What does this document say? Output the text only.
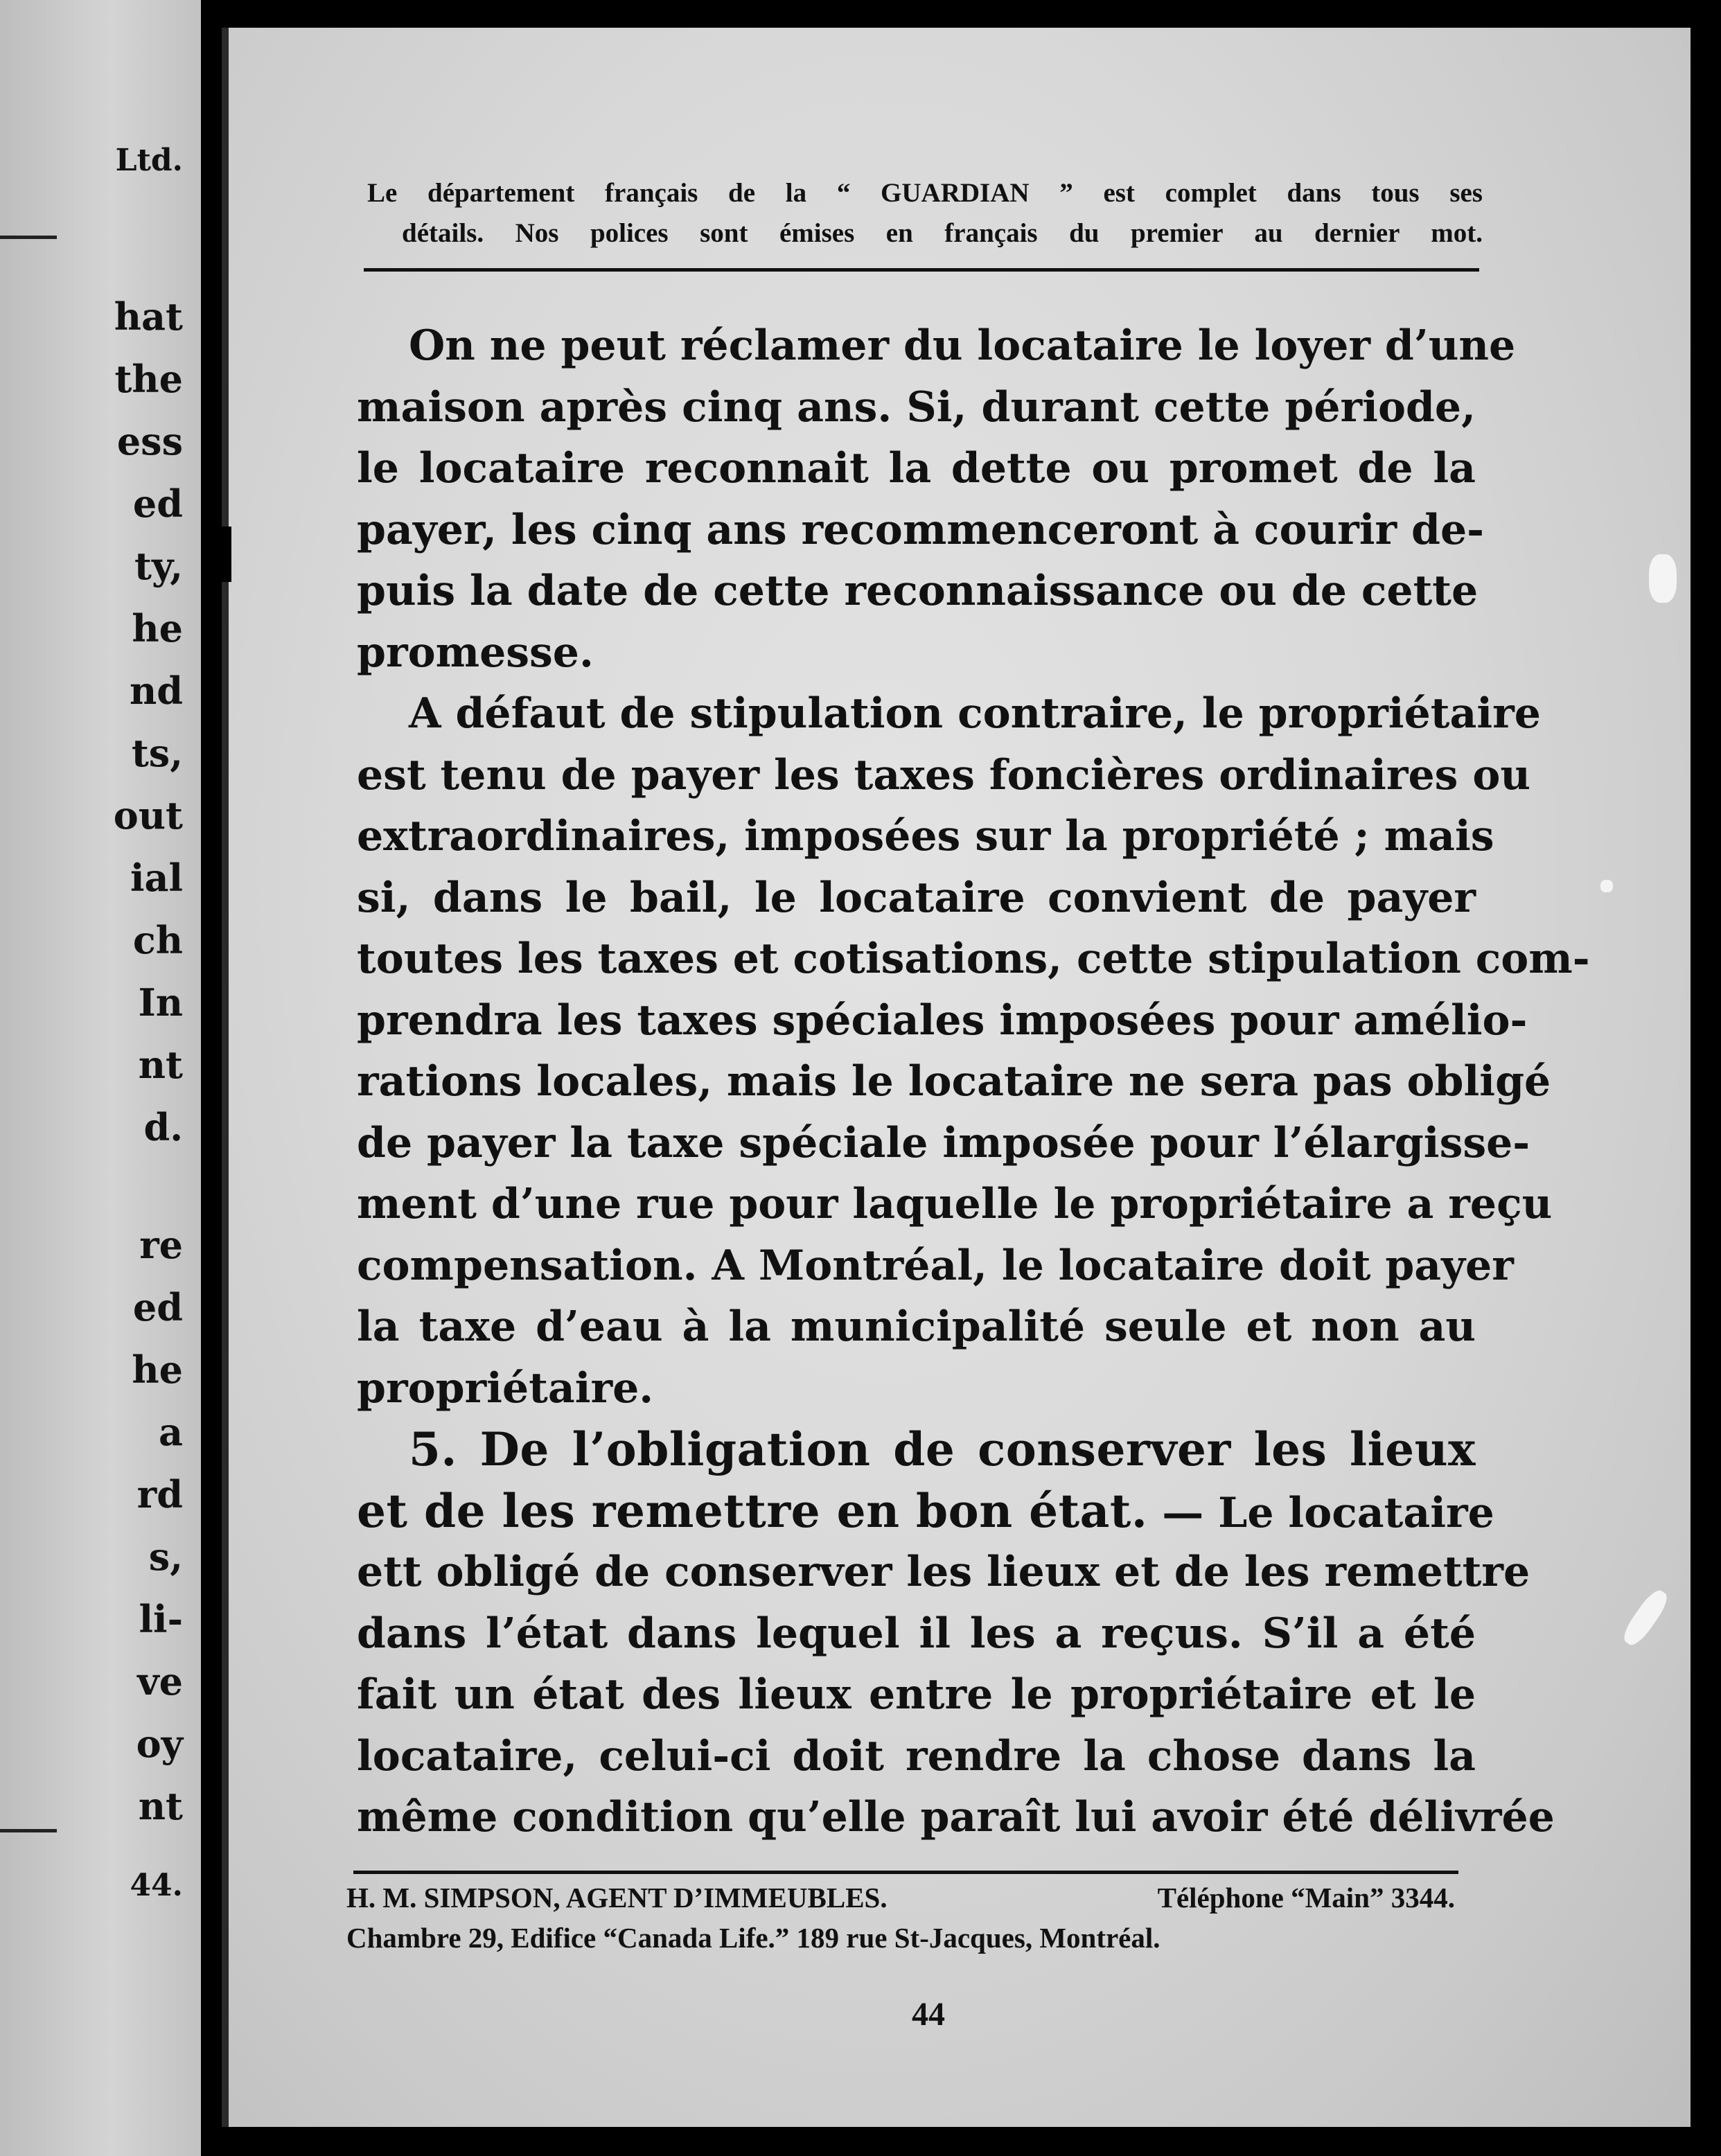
Ltd.
hat
the
ess
ed
ty,
he
nd
ts,
out
ial
ch
In
nt
d.
re
ed
he
a
rd
s,
li-
ve
oy
nt
44.
Le département français de la “ GUARDIAN ” est complet dans tous ses
détails. Nos polices sont émises en français du premier au dernier mot.
On ne peut réclamer du locataire le loyer d’une
maison après cinq ans. Si, durant cette période,
le locataire reconnait la dette ou promet de la
payer, les cinq ans recommenceront à courir de-
puis la date de cette reconnaissance ou de cette
promesse.
A défaut de stipulation contraire, le propriétaire
est tenu de payer les taxes foncières ordinaires ou
extraordinaires, imposées sur la propriété ; mais
si, dans le bail, le locataire convient de payer
toutes les taxes et cotisations, cette stipulation com-
prendra les taxes spéciales imposées pour amélio-
rations locales, mais le locataire ne sera pas obligé
de payer la taxe spéciale imposée pour l’élargisse-
ment d’une rue pour laquelle le propriétaire a reçu
compensation. A Montréal, le locataire doit payer
la taxe d’eau à la municipalité seule et non au
propriétaire.
5. De l’obligation de conserver les lieux
et de les remettre en bon état. — Le locataire
ett obligé de conserver les lieux et de les remettre
dans l’état dans lequel il les a reçus. S’il a été
fait un état des lieux entre le propriétaire et le
locataire, celui-ci doit rendre la chose dans la
même condition qu’elle paraît lui avoir été délivrée
H. M. SIMPSON, AGENT D’IMMEUBLES.	Téléphone “Main” 3344.
Chambre 29, Edifice “Canada Life.” 189 rue St-Jacques, Montréal.
44
